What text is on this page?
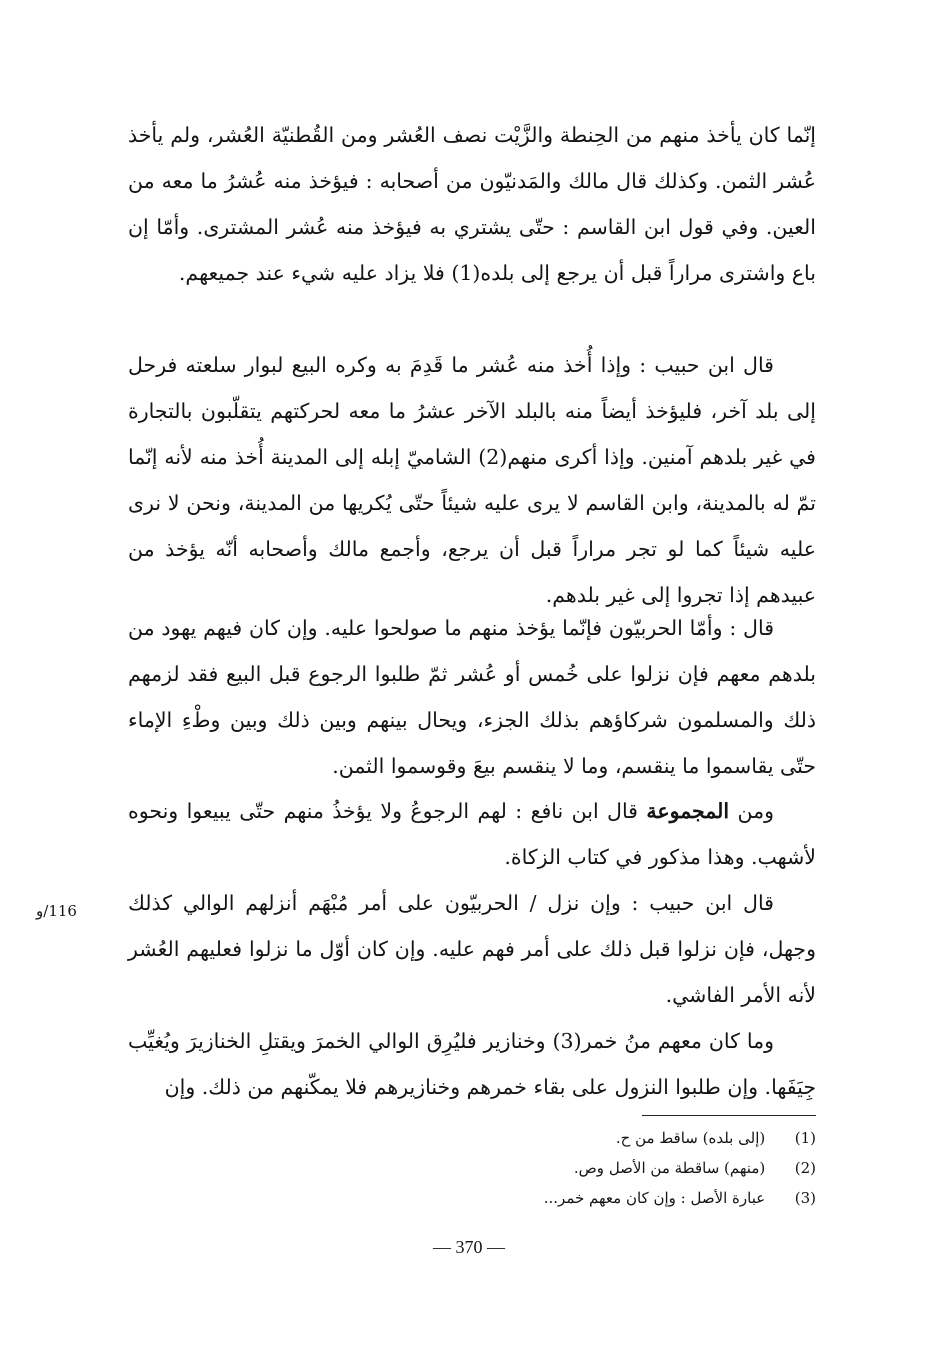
إنّما كان يأخذ منهم من الحِنطة والزَّيْت نصف العُشر ومن القُطنيّة العُشر، ولم يأخذ عُشر الثمن. وكذلك قال مالك والمَدنيّون من أصحابه : فيؤخذ منه عُشرُ ما معه من العين. وفي قول ابن القاسم : حتّى يشتري به فيؤخذ منه عُشر المشترى. وأمّا إن باع واشترى مراراً قبل أن يرجع إلى بلده(1) فلا يزاد عليه شيء عند جميعهم.

قال ابن حبيب : وإذا أُخذ منه عُشر ما قَدِمَ به وكره البيع لبوار سلعته فرحل إلى بلد آخر، فليؤخذ أيضاً منه بالبلد الآخر عشرُ ما معه لحركتهم يتقلّبون بالتجارة في غير بلدهم آمنين. وإذا أكرى منهم(2) الشاميّ إبله إلى المدينة أُخذ منه لأنه إنّما تمّ له بالمدينة، وابن القاسم لا يرى عليه شيئاً حتّى يُكريها من المدينة، ونحن لا نرى عليه شيئاً كما لو تجر مراراً قبل أن يرجع، وأجمع مالك وأصحابه أنّه يؤخذ من عبيدهم إذا تجروا إلى غير بلدهم.

قال : وأمّا الحربيّون فإنّما يؤخذ منهم ما صولحوا عليه. وإن كان فيهم يهود من بلدهم معهم فإن نزلوا على خُمس أو عُشر ثمّ طلبوا الرجوع قبل البيع فقد لزمهم ذلك والمسلمون شركاؤهم بذلك الجزء، ويحال بينهم وبين ذلك وبين وطْءِ الإماء حتّى يقاسموا ما ينقسم، وما لا ينقسم بيعَ وقوسموا الثمن.

ومن المجموعة قال ابن نافع : لهم الرجوعُ ولا يؤخذُ منهم حتّى يبيعوا ونحوه لأشهب. وهذا مذكور في كتاب الزكاة.

قال ابن حبيب : وإن نزل / الحربيّون على أمر مُبْهَم أنزلهم الوالي كذلك وجهل، فإن نزلوا قبل ذلك على أمر فهم عليه. وإن كان أوّل ما نزلوا فعليهم العُشر لأنه الأمر الفاشي.

116/و

وما كان معهم منُ خمر(3) وخنازير فليُرِق الوالي الخمرَ ويقتلِ الخنازيرَ ويُغيِّب جِيَفَها. وإن طلبوا النزول على بقاء خمرهم وخنازيرهم فلا يمكّنهم من ذلك. وإن

(1) (إلى بلده) ساقط من ح.
(2) (منهم) ساقطة من الأصل وص.
(3) عبارة الأصل : وإن كان معهم خمر...
— 370 —
